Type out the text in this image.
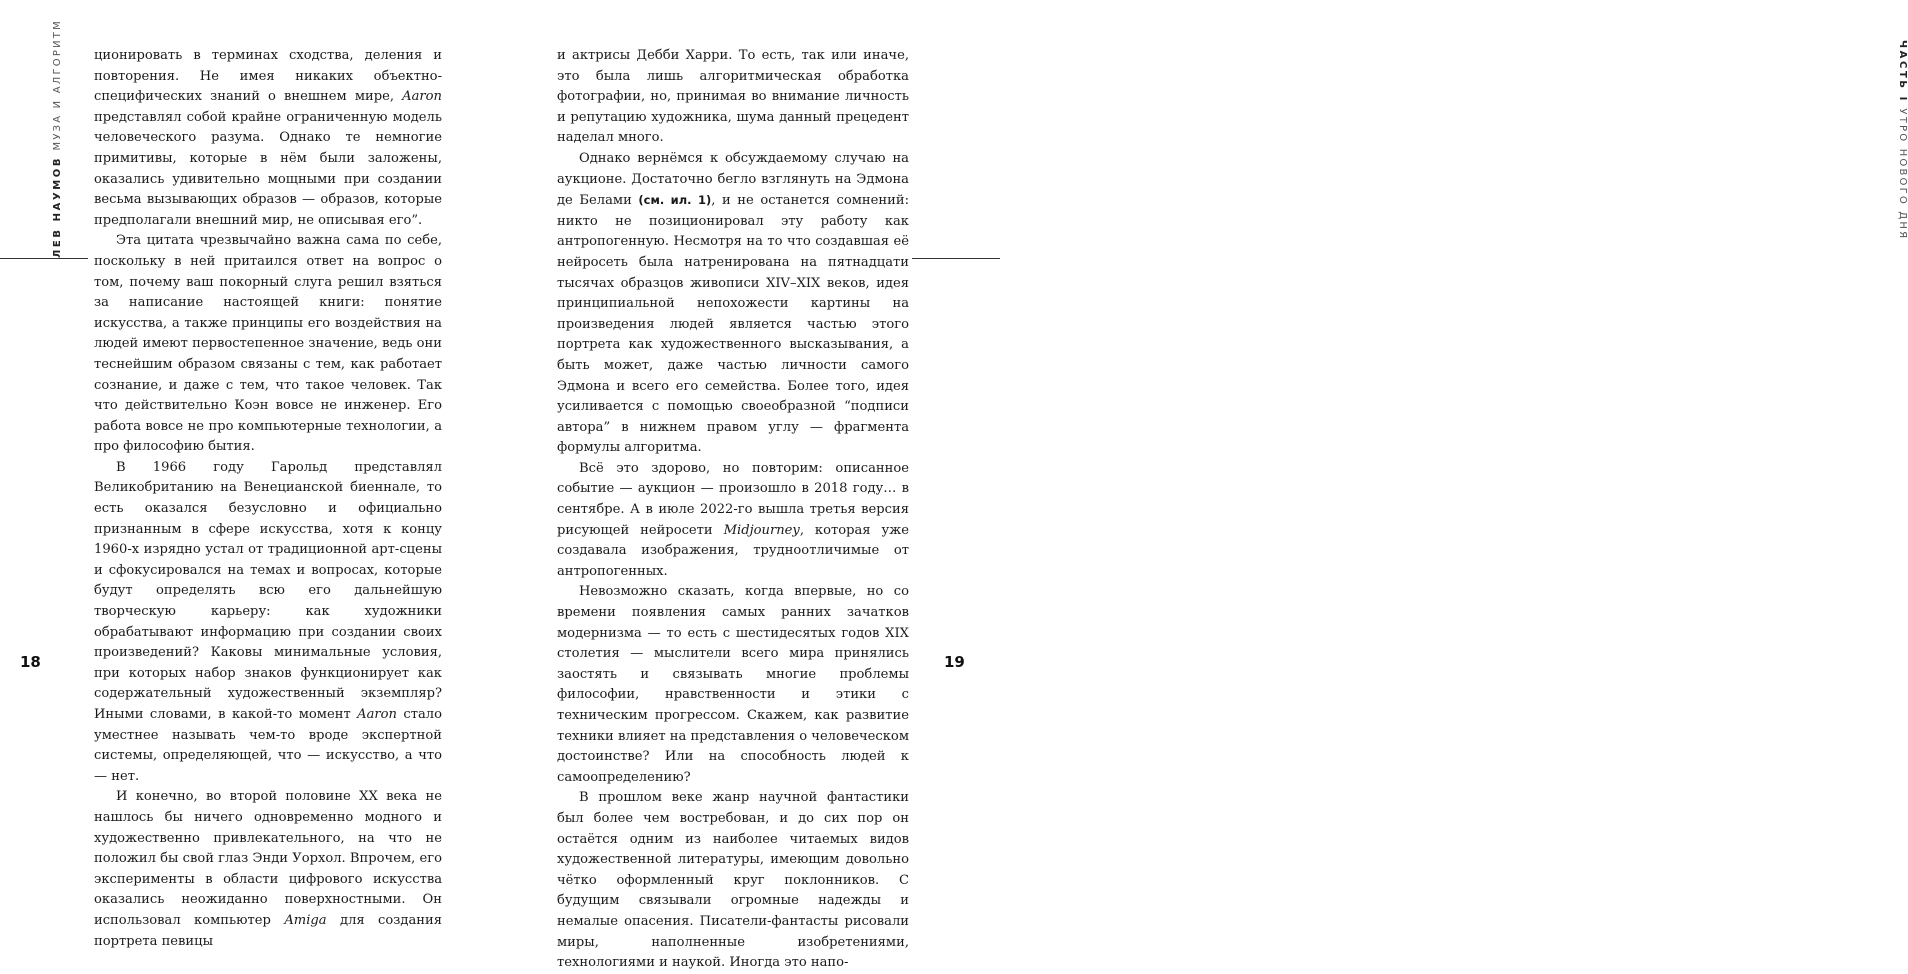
ЛЕВ НАУМОВ МУЗА И АЛГОРИТМ ционировать в терминах сходства, деления и повторения. Не имея никаких объектно-специфических знаний о внешнем мире, Aaron представлял собой крайне ограниченную модель человеческого разума. Однако те немногие примитивы, которые в нём были заложены, оказались удивительно мощными при создании весьма вызывающих образов — образов, которые предполагали внешний мир, не описывая его”.

Эта цитата чрезвычайно важна сама по себе, поскольку в ней притаился ответ на вопрос о том, почему ваш покорный слуга решил взяться за написание настоящей книги: понятие искусства, а также принципы его воздействия на людей имеют первостепенное значение, ведь они теснейшим образом связаны с тем, как работает сознание, и даже с тем, что такое человек. Так что действительно Коэн вовсе не инженер. Его работа вовсе не про компьютерные технологии, а про философию бытия.

В 1966 году Гарольд представлял Великобританию на Венецианской биеннале, то есть оказался безусловно и официально признанным в сфере искусства, хотя к концу 1960-х изрядно устал от традиционной арт-сцены и сфокусировался на темах и вопросах, которые будут определять всю его дальнейшую творческую карьеру: как художники обрабатывают информацию при создании своих произведений? Каковы минимальные условия, при которых набор знаков функционирует как содержательный художественный экземпляр? Иными словами, в какой-то момент Aaron стало уместнее называть чем-то вроде экспертной системы, определяющей, что — искусство, а что — нет.

И конечно, во второй половине XX века не нашлось бы ничего одновременно модного и художественно привлекательного, на что не положил бы свой глаз Энди Уорхол. Впрочем, его эксперименты в области цифрового искусства оказались неожиданно поверхностными. Он использовал компьютер Amiga для создания портрета певицы

18

и актрисы Дебби Харри. То есть, так или иначе, это была лишь алгоритмическая обработка фотографии, но, принимая во внимание личность и репутацию художника, шума данный прецедент наделал много.

Однако вернёмся к обсуждаемому случаю на аукционе. Достаточно бегло взглянуть на Эдмона де Белами (см. ил. 1), и не останется сомнений: никто не позиционировал эту работу как антропогенную. Несмотря на то что создавшая её нейросеть была натренирована на пятнадцати тысячах образцов живописи XIV–XIX веков, идея принципиальной непохожести картины на произведения людей является частью этого портрета как художественного высказывания, а быть может, даже частью личности самого Эдмона и всего его семейства. Более того, идея усиливается с помощью своеобразной “подписи автора” в нижнем правом углу — фрагмента формулы алгоритма.

Всё это здорово, но повторим: описанное событие — аукцион — произошло в 2018 году… в сентябре. А в июле 2022-го вышла третья версия рисующей нейросети Midjourney, которая уже создавала изображения, трудноотличимые от антропогенных.

Невозможно сказать, когда впервые, но со времени появления самых ранних зачатков модернизма — то есть с шестидесятых годов XIX столетия — мыслители всего мира принялись заостять и связывать многие проблемы философии, нравственности и этики с техническим прогрессом. Скажем, как развитие техники влияет на представления о человеческом достоинстве? Или на способность людей к самоопределению?

В прошлом веке жанр научной фантастики был более чем востребован, и до сих пор он остаётся одним из наиболее читаемых видов художественной литературы, имеющим довольно чётко оформленный круг поклонников. С будущим связывали огромные надежды и немалые опасения. Писатели-фантасты рисовали миры, наполненные изобретениями, технологиями и наукой. Иногда это напо-

ЧАСТЬ I УТРО НОВОГО ДНЯ
19
